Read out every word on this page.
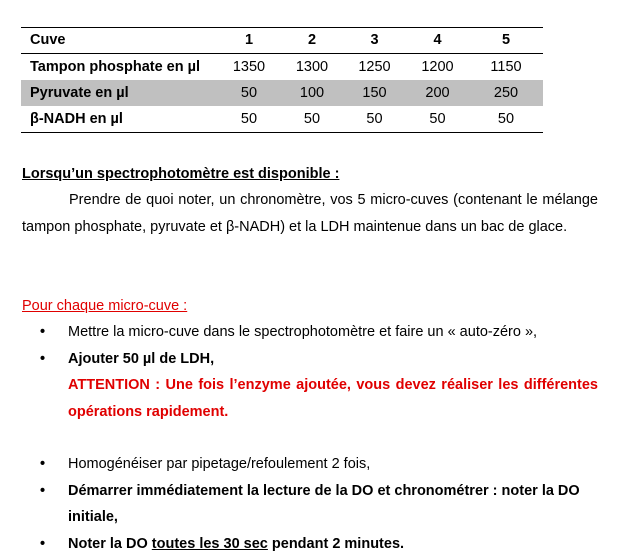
Cuve	1	2	3	4	5
Tampon phosphate en µl	1350	1300	1250	1200	1150
Pyruvate en µl	50	100	150	200	250
β-NADH en µl	50	50	50	50	50
Lorsqu’un spectrophotomètre est disponible :
Prendre de quoi noter, un chronomètre, vos 5 micro-cuves (contenant le mélange tampon phosphate, pyruvate et β-NADH) et la LDH maintenue dans un bac de glace.
Pour chaque micro-cuve :
• Mettre la micro-cuve dans le spectrophotomètre et faire un « auto-zéro »,
• Ajouter 50 µl de LDH,
ATTENTION : Une fois l’enzyme ajoutée, vous devez réaliser les différentes opérations rapidement.
• Homogénéiser par pipetage/refoulement 2 fois,
• Démarrer immédiatement la lecture de la DO et chronométrer : noter la DO initiale,
• Noter la DO toutes les 30 sec pendant 2 minutes.
